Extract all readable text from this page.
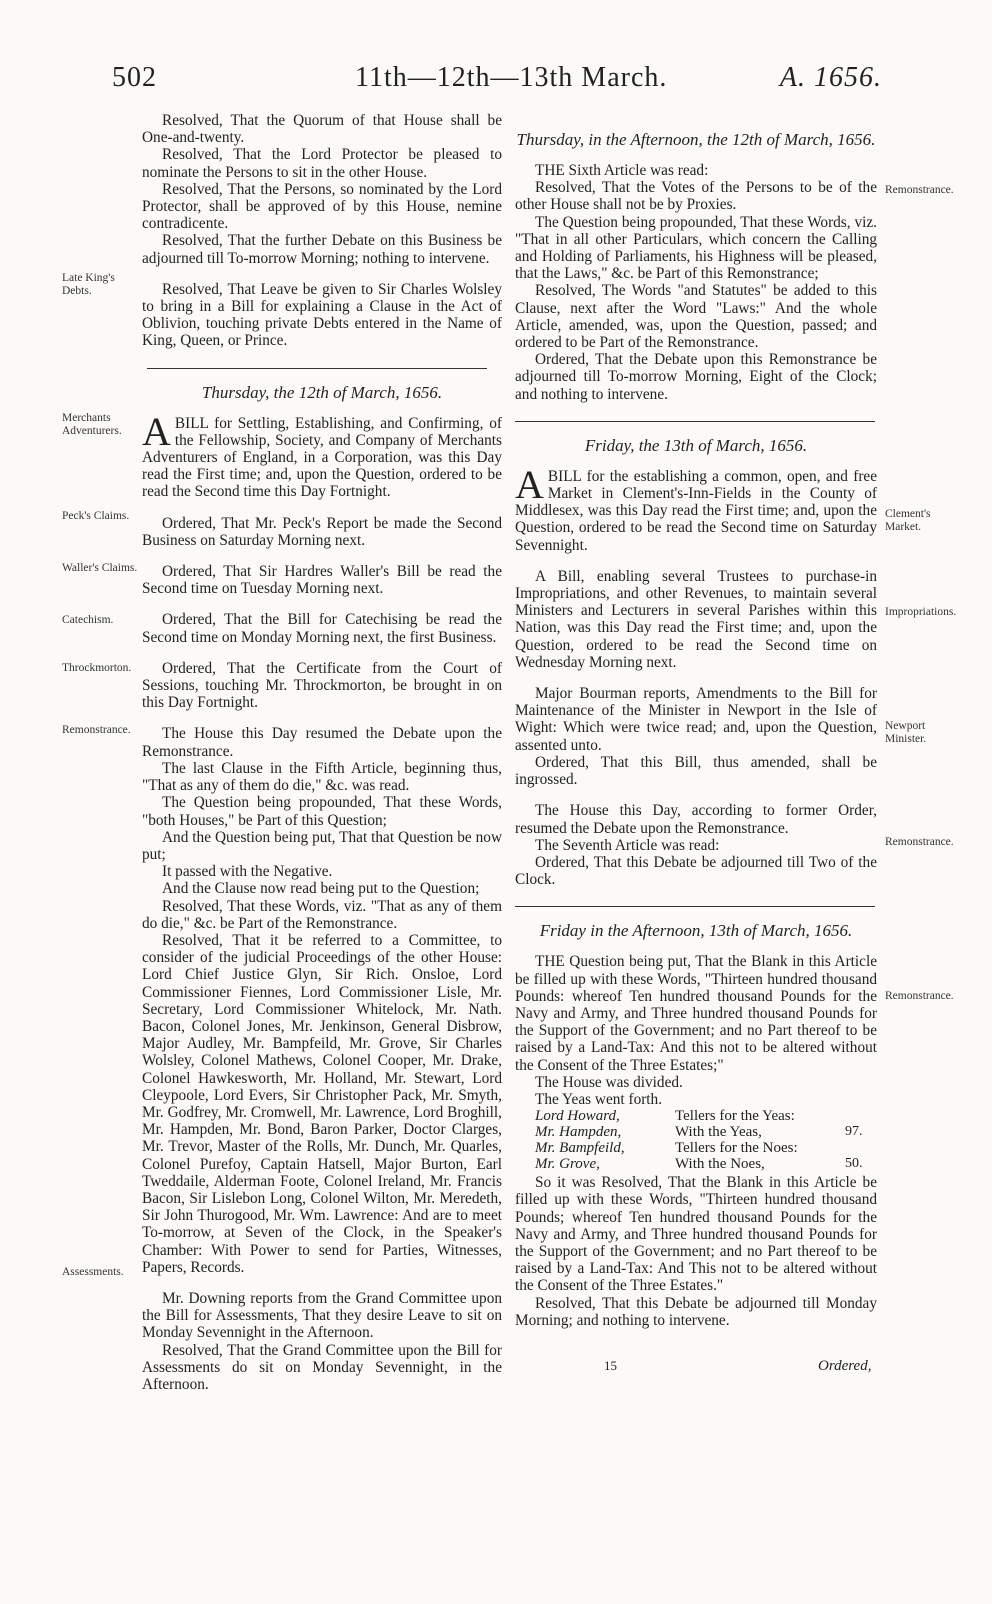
502	11th—12th—13th March.	A. 1656.
Late King's Debts.
Merchants Adventurers.
Peck's Claims.
Waller's Claims.
Catechism.
Throckmorton.
Remonstrance.
Assessments.
Remonstrance.
Clement's Market.
Impropriations.
Newport Minister.
Remonstrance.
Remonstrance.

Resolved, That the Quorum of that House shall be One-and-twenty.

Resolved, That the Lord Protector be pleased to nominate the Persons to sit in the other House.

Resolved, That the Persons, so nominated by the Lord Protector, shall be approved of by this House, nemine contradicente.

Resolved, That the further Debate on this Business be adjourned till To-morrow Morning; nothing to intervene.

Resolved, That Leave be given to Sir Charles Wolsley to bring in a Bill for explaining a Clause in the Act of Oblivion, touching private Debts entered in the Name of King, Queen, or Prince.

Thursday, the 12th of March, 1656.

ABILL for Settling, Establishing, and Confirming, of the Fellowship, Society, and Company of Merchants Adventurers of England, in a Corporation, was this Day read the First time; and, upon the Question, ordered to be read the Second time this Day Fortnight.

Ordered, That Mr. Peck's Report be made the Second Business on Saturday Morning next.

Ordered, That Sir Hardres Waller's Bill be read the Second time on Tuesday Morning next.

Ordered, That the Bill for Catechising be read the Second time on Monday Morning next, the first Business.

Ordered, That the Certificate from the Court of Sessions, touching Mr. Throckmorton, be brought in on this Day Fortnight.

The House this Day resumed the Debate upon the Remonstrance.

The last Clause in the Fifth Article, beginning thus, "That as any of them do die," &c. was read.

The Question being propounded, That these Words, "both Houses," be Part of this Question;

And the Question being put, That that Question be now put;

It passed with the Negative.

And the Clause now read being put to the Question;

Resolved, That these Words, viz. "That as any of them do die," &c. be Part of the Remonstrance.

Resolved, That it be referred to a Committee, to consider of the judicial Proceedings of the other House: Lord Chief Justice Glyn, Sir Rich. Onsloe, Lord Commissioner Fiennes, Lord Commissioner Lisle, Mr. Secretary, Lord Commissioner Whitelock, Mr. Nath. Bacon, Colonel Jones, Mr. Jenkinson, General Disbrow, Major Audley, Mr. Bampfeild, Mr. Grove, Sir Charles Wolsley, Colonel Mathews, Colonel Cooper, Mr. Drake, Colonel Hawkesworth, Mr. Holland, Mr. Stewart, Lord Cleypoole, Lord Evers, Sir Christopher Pack, Mr. Smyth, Mr. Godfrey, Mr. Cromwell, Mr. Lawrence, Lord Broghill, Mr. Hampden, Mr. Bond, Baron Parker, Doctor Clarges, Mr. Trevor, Master of the Rolls, Mr. Dunch, Mr. Quarles, Colonel Purefoy, Captain Hatsell, Major Burton, Earl Tweddaile, Alderman Foote, Colonel Ireland, Mr. Francis Bacon, Sir Lislebon Long, Colonel Wilton, Mr. Meredeth, Sir John Thurogood, Mr. Wm. Lawrence: And are to meet To-morrow, at Seven of the Clock, in the Speaker's Chamber: With Power to send for Parties, Witnesses, Papers, Records.

Mr. Downing reports from the Grand Committee upon the Bill for Assessments, That they desire Leave to sit on Monday Sevennight in the Afternoon.

Resolved, That the Grand Committee upon the Bill for Assessments do sit on Monday Sevennight, in the Afternoon.

Thursday, in the Afternoon, the 12th of March, 1656.

THE Sixth Article was read:

Resolved, That the Votes of the Persons to be of the other House shall not be by Proxies.

The Question being propounded, That these Words, viz. "That in all other Particulars, which concern the Calling and Holding of Parliaments, his Highness will be pleased, that the Laws," &c. be Part of this Remonstrance;

Resolved, The Words "and Statutes" be added to this Clause, next after the Word "Laws:" And the whole Article, amended, was, upon the Question, passed; and ordered to be Part of the Remonstrance.

Ordered, That the Debate upon this Remonstrance be adjourned till To-morrow Morning, Eight of the Clock; and nothing to intervene.

Friday, the 13th of March, 1656.

ABILL for the establishing a common, open, and free Market in Clement's-Inn-Fields in the County of Middlesex, was this Day read the First time; and, upon the Question, ordered to be read the Second time on Saturday Sevennight.

A Bill, enabling several Trustees to purchase-in Impropriations, and other Revenues, to maintain several Ministers and Lecturers in several Parishes within this Nation, was this Day read the First time; and, upon the Question, ordered to be read the Second time on Wednesday Morning next.

Major Bourman reports, Amendments to the Bill for Maintenance of the Minister in Newport in the Isle of Wight: Which were twice read; and, upon the Question, assented unto.

Ordered, That this Bill, thus amended, shall be ingrossed.

The House this Day, according to former Order, resumed the Debate upon the Remonstrance.

The Seventh Article was read:

Ordered, That this Debate be adjourned till Two of the Clock.

Friday in the Afternoon, 13th of March, 1656.

THE Question being put, That the Blank in this Article be filled up with these Words, "Thirteen hundred thousand Pounds: whereof Ten hundred thousand Pounds for the Navy and Army, and Three hundred thousand Pounds for the Support of the Government; and no Part thereof to be raised by a Land-Tax: And this not to be altered without the Consent of the Three Estates;"

The House was divided.

The Yeas went forth.

Lord Howard,	Tellers for the Yeas:
Mr. Hampden,	With the Yeas,	97.
Mr. Bampfeild,	Tellers for the Noes:
Mr. Grove,	With the Noes,	50.

So it was Resolved, That the Blank in this Article be filled up with these Words, "Thirteen hundred thousand Pounds; whereof Ten hundred thousand Pounds for the Navy and Army, and Three hundred thousand Pounds for the Support of the Government; and no Part thereof to be raised by a Land-Tax: And This not to be altered without the Consent of the Three Estates."

Resolved, That this Debate be adjourned till Monday Morning; and nothing to intervene.

15	Ordered,
